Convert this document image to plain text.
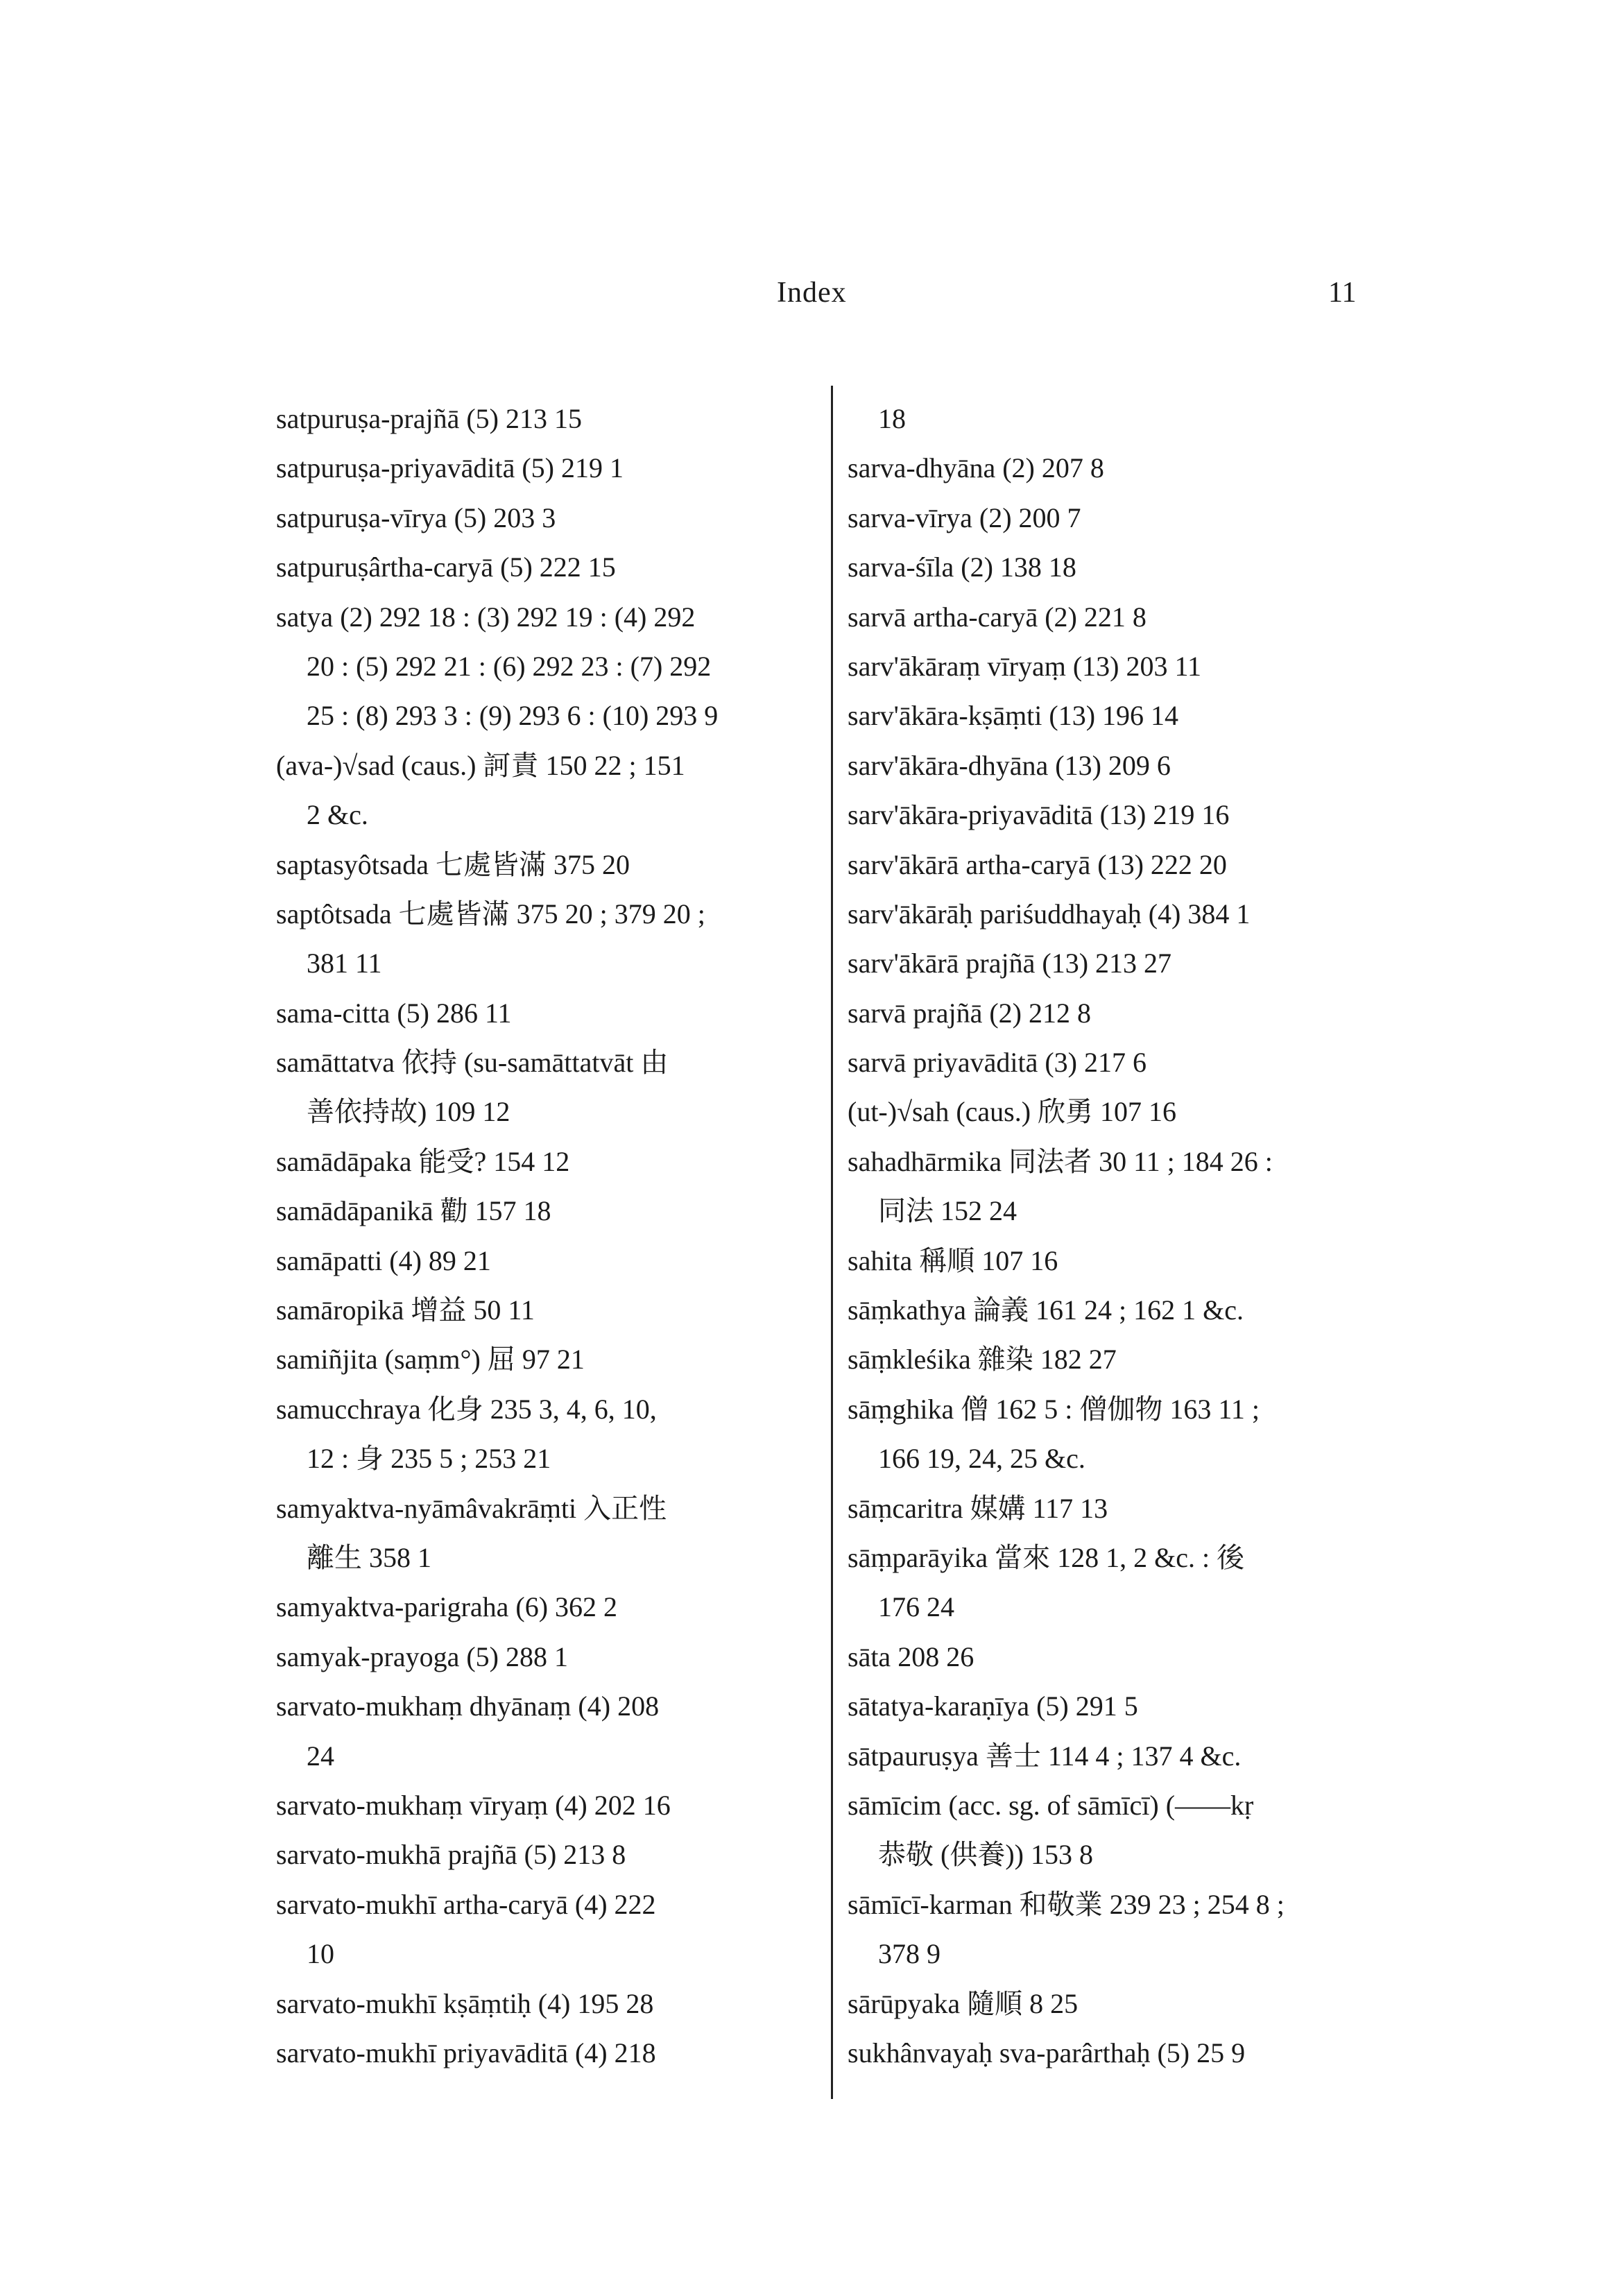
Index	11
satpuruṣa-prajñā (5) 213 15
satpuruṣa-priyavāditā (5) 219 1
satpuruṣa-vīrya (5) 203 3
satpuruṣârtha-caryā (5) 222 15
satya (2) 292 18 : (3) 292 19 : (4) 292
20 : (5) 292 21 : (6) 292 23 : (7) 292
25 : (8) 293 3 : (9) 293 6 : (10) 293 9
(ava-)√sad (caus.) 訶責 150 22 ; 151
2 &c.
saptasyôtsada 七處皆滿 375 20
saptôtsada 七處皆滿 375 20 ; 379 20 ;
381 11
sama-citta (5) 286 11
samāttatva 依持 (su-samāttatvāt 由
善依持故) 109 12
samādāpaka 能受? 154 12
samādāpanikā 勸 157 18
samāpatti (4) 89 21
samāropikā 增益 50 11
samiñjita (saṃm°) 屈 97 21
samucchraya 化身 235 3, 4, 6, 10,
12 : 身 235 5 ; 253 21
samyaktva-nyāmâvakrāṃti 入正性
離生 358 1
samyaktva-parigraha (6) 362 2
samyak-prayoga (5) 288 1
sarvato-mukhaṃ dhyānaṃ (4) 208
24
sarvato-mukhaṃ vīryaṃ (4) 202 16
sarvato-mukhā prajñā (5) 213 8
sarvato-mukhī artha-caryā (4) 222
10
sarvato-mukhī kṣāṃtiḥ (4) 195 28
sarvato-mukhī priyavāditā (4) 218
18
sarva-dhyāna (2) 207 8
sarva-vīrya (2) 200 7
sarva-śīla (2) 138 18
sarvā artha-caryā (2) 221 8
sarv'ākāraṃ vīryaṃ (13) 203 11
sarv'ākāra-kṣāṃti (13) 196 14
sarv'ākāra-dhyāna (13) 209 6
sarv'ākāra-priyavāditā (13) 219 16
sarv'ākārā artha-caryā (13) 222 20
sarv'ākārāḥ pariśuddhayaḥ (4) 384 1
sarv'ākārā prajñā (13) 213 27
sarvā prajñā (2) 212 8
sarvā priyavāditā (3) 217 6
(ut-)√sah (caus.) 欣勇 107 16
sahadhārmika 同法者 30 11 ; 184 26 :
同法 152 24
sahita 稱順 107 16
sāṃkathya 論義 161 24 ; 162 1 &c.
sāṃkleśika 雜染 182 27
sāṃghika 僧 162 5 : 僧伽物 163 11 ;
166 19, 24, 25 &c.
sāṃcaritra 媒媾 117 13
sāṃparāyika 當來 128 1, 2 &c. : 後
176 24
sāta 208 26
sātatya-karaṇīya (5) 291 5
sātpauruṣya 善士 114 4 ; 137 4 &c.
sāmīcim (acc. sg. of sāmīcī) (——kṛ
恭敬 (供養)) 153 8
sāmīcī-karman 和敬業 239 23 ; 254 8 ;
378 9
sārūpyaka 隨順 8 25
sukhânvayaḥ sva-parârthaḥ (5) 25 9
